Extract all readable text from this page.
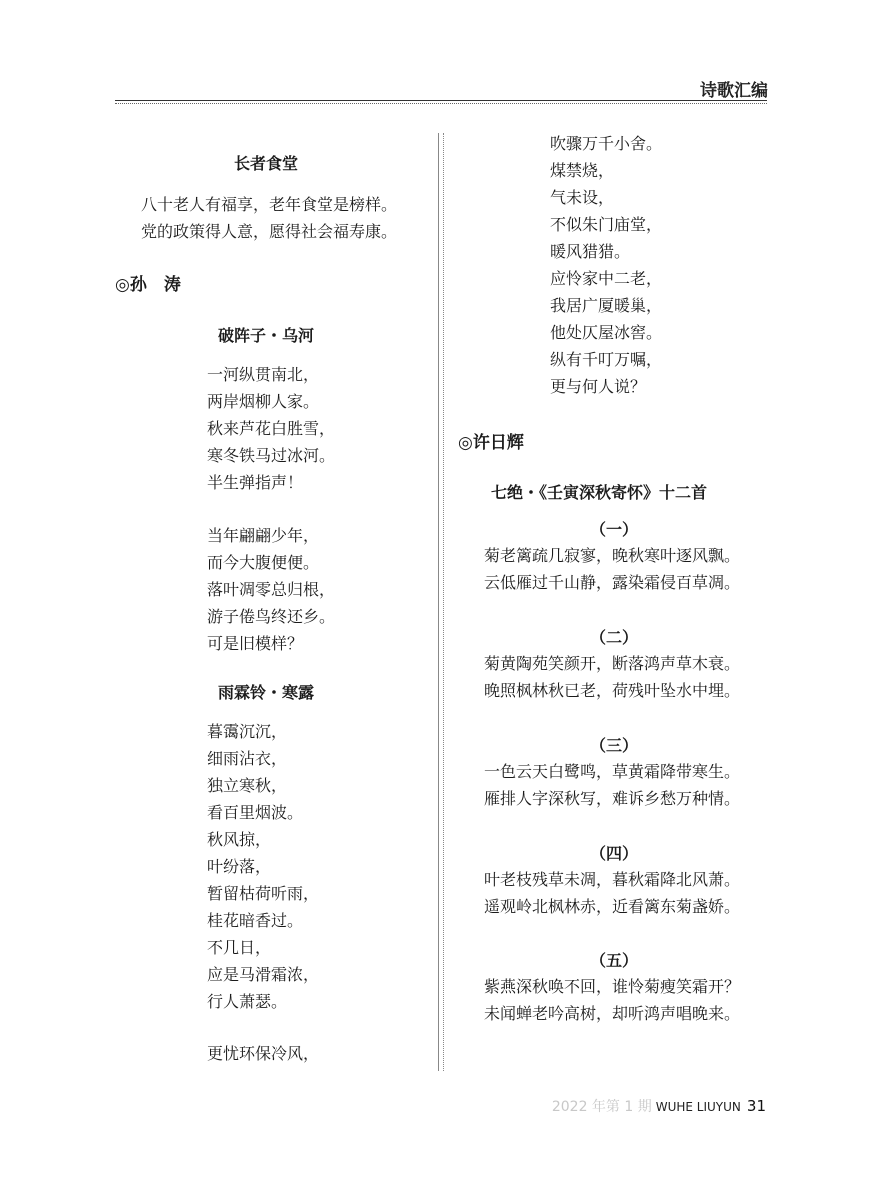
诗歌汇编
长者食堂
八十老人有福享，老年食堂是榜样。
党的政策得人意，愿得社会福寿康。
◎孙　涛
破阵子・乌河
一河纵贯南北，
两岸烟柳人家。
秋来芦花白胜雪，
寒冬铁马过冰河。
半生弹指声！
当年翩翩少年，
而今大腹便便。
落叶凋零总归根，
游子倦鸟终还乡。
可是旧模样？
雨霖铃・寒露
暮霭沉沉，
细雨沾衣，
独立寒秋，
看百里烟波。
秋风掠，
叶纷落，
暂留枯荷听雨，
桂花暗香过。
不几日，
应是马滑霜浓，
行人萧瑟。
更忧环保冷风，
吹骤万千小舍。
煤禁烧，
气未设，
不似朱门庙堂，
暖风猎猎。
应怜家中二老，
我居广厦暖巢，
他处仄屋冰窖。
纵有千叮万嘱，
更与何人说？
◎许日辉
七绝・《壬寅深秋寄怀》十二首
（一）
菊老篱疏几寂寥，晚秋寒叶逐风飘。
云低雁过千山静，露染霜侵百草凋。
（二）
菊黄陶苑笑颜开，断落鸿声草木衰。
晚照枫林秋已老，荷残叶坠水中埋。
（三）
一色云天白鹭鸣，草黄霜降带寒生。
雁排人字深秋写，难诉乡愁万种情。
（四）
叶老枝残草未凋，暮秋霜降北风萧。
遥观岭北枫林赤，近看篱东菊盏娇。
（五）
紫燕深秋唤不回，谁怜菊瘦笑霜开？
未闻蝉老吟高树，却听鸿声唱晚来。
2022 年第 1 期 WUHE LIUYUN 31
